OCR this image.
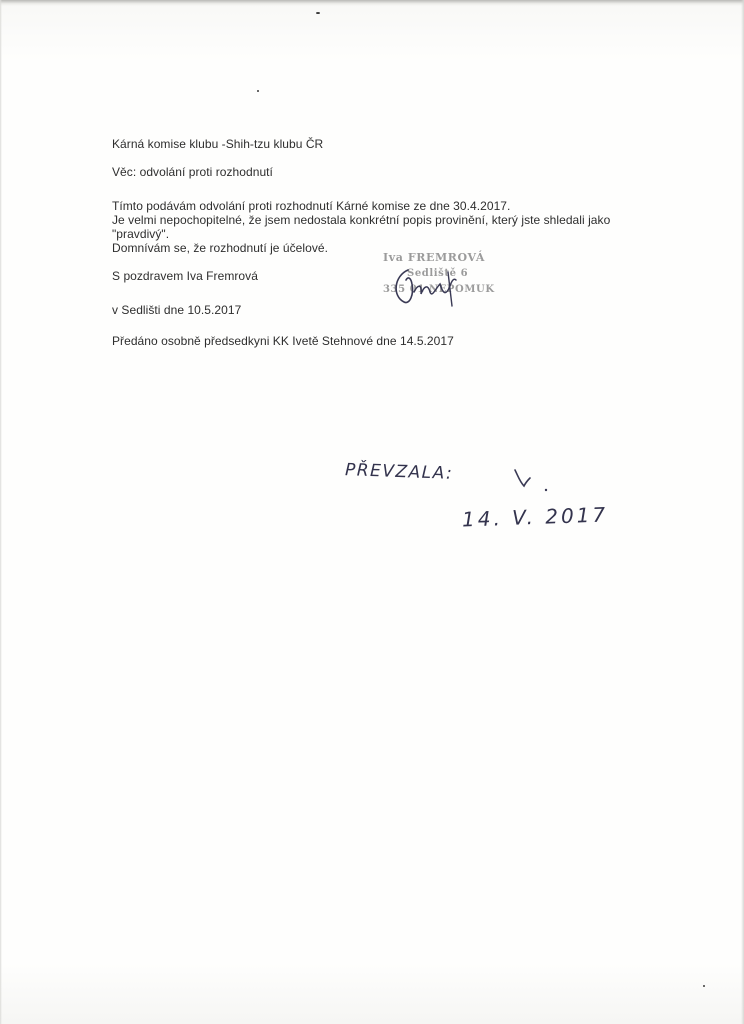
Kárná komise klubu -Shih-tzu klubu ČR
Věc: odvolání proti rozhodnutí
Tímto podávám odvolání proti rozhodnutí Kárné komise ze dne 30.4.2017.
Je velmi nepochopitelné, že jsem nedostala konkrétní popis provinění, který jste shledali jako
"pravdivý".
Domnívám se, že rozhodnutí je účelové.
S pozdravem Iva Fremrová
v Sedlišti dne 10.5.2017
Předáno osobně předsedkyni KK Ivetě Stehnové dne 14.5.2017
Iva FREMROVÁ
Sedliště 6
335 01 NEPOMUK
PŘEVZALA:
14. V. 2017
